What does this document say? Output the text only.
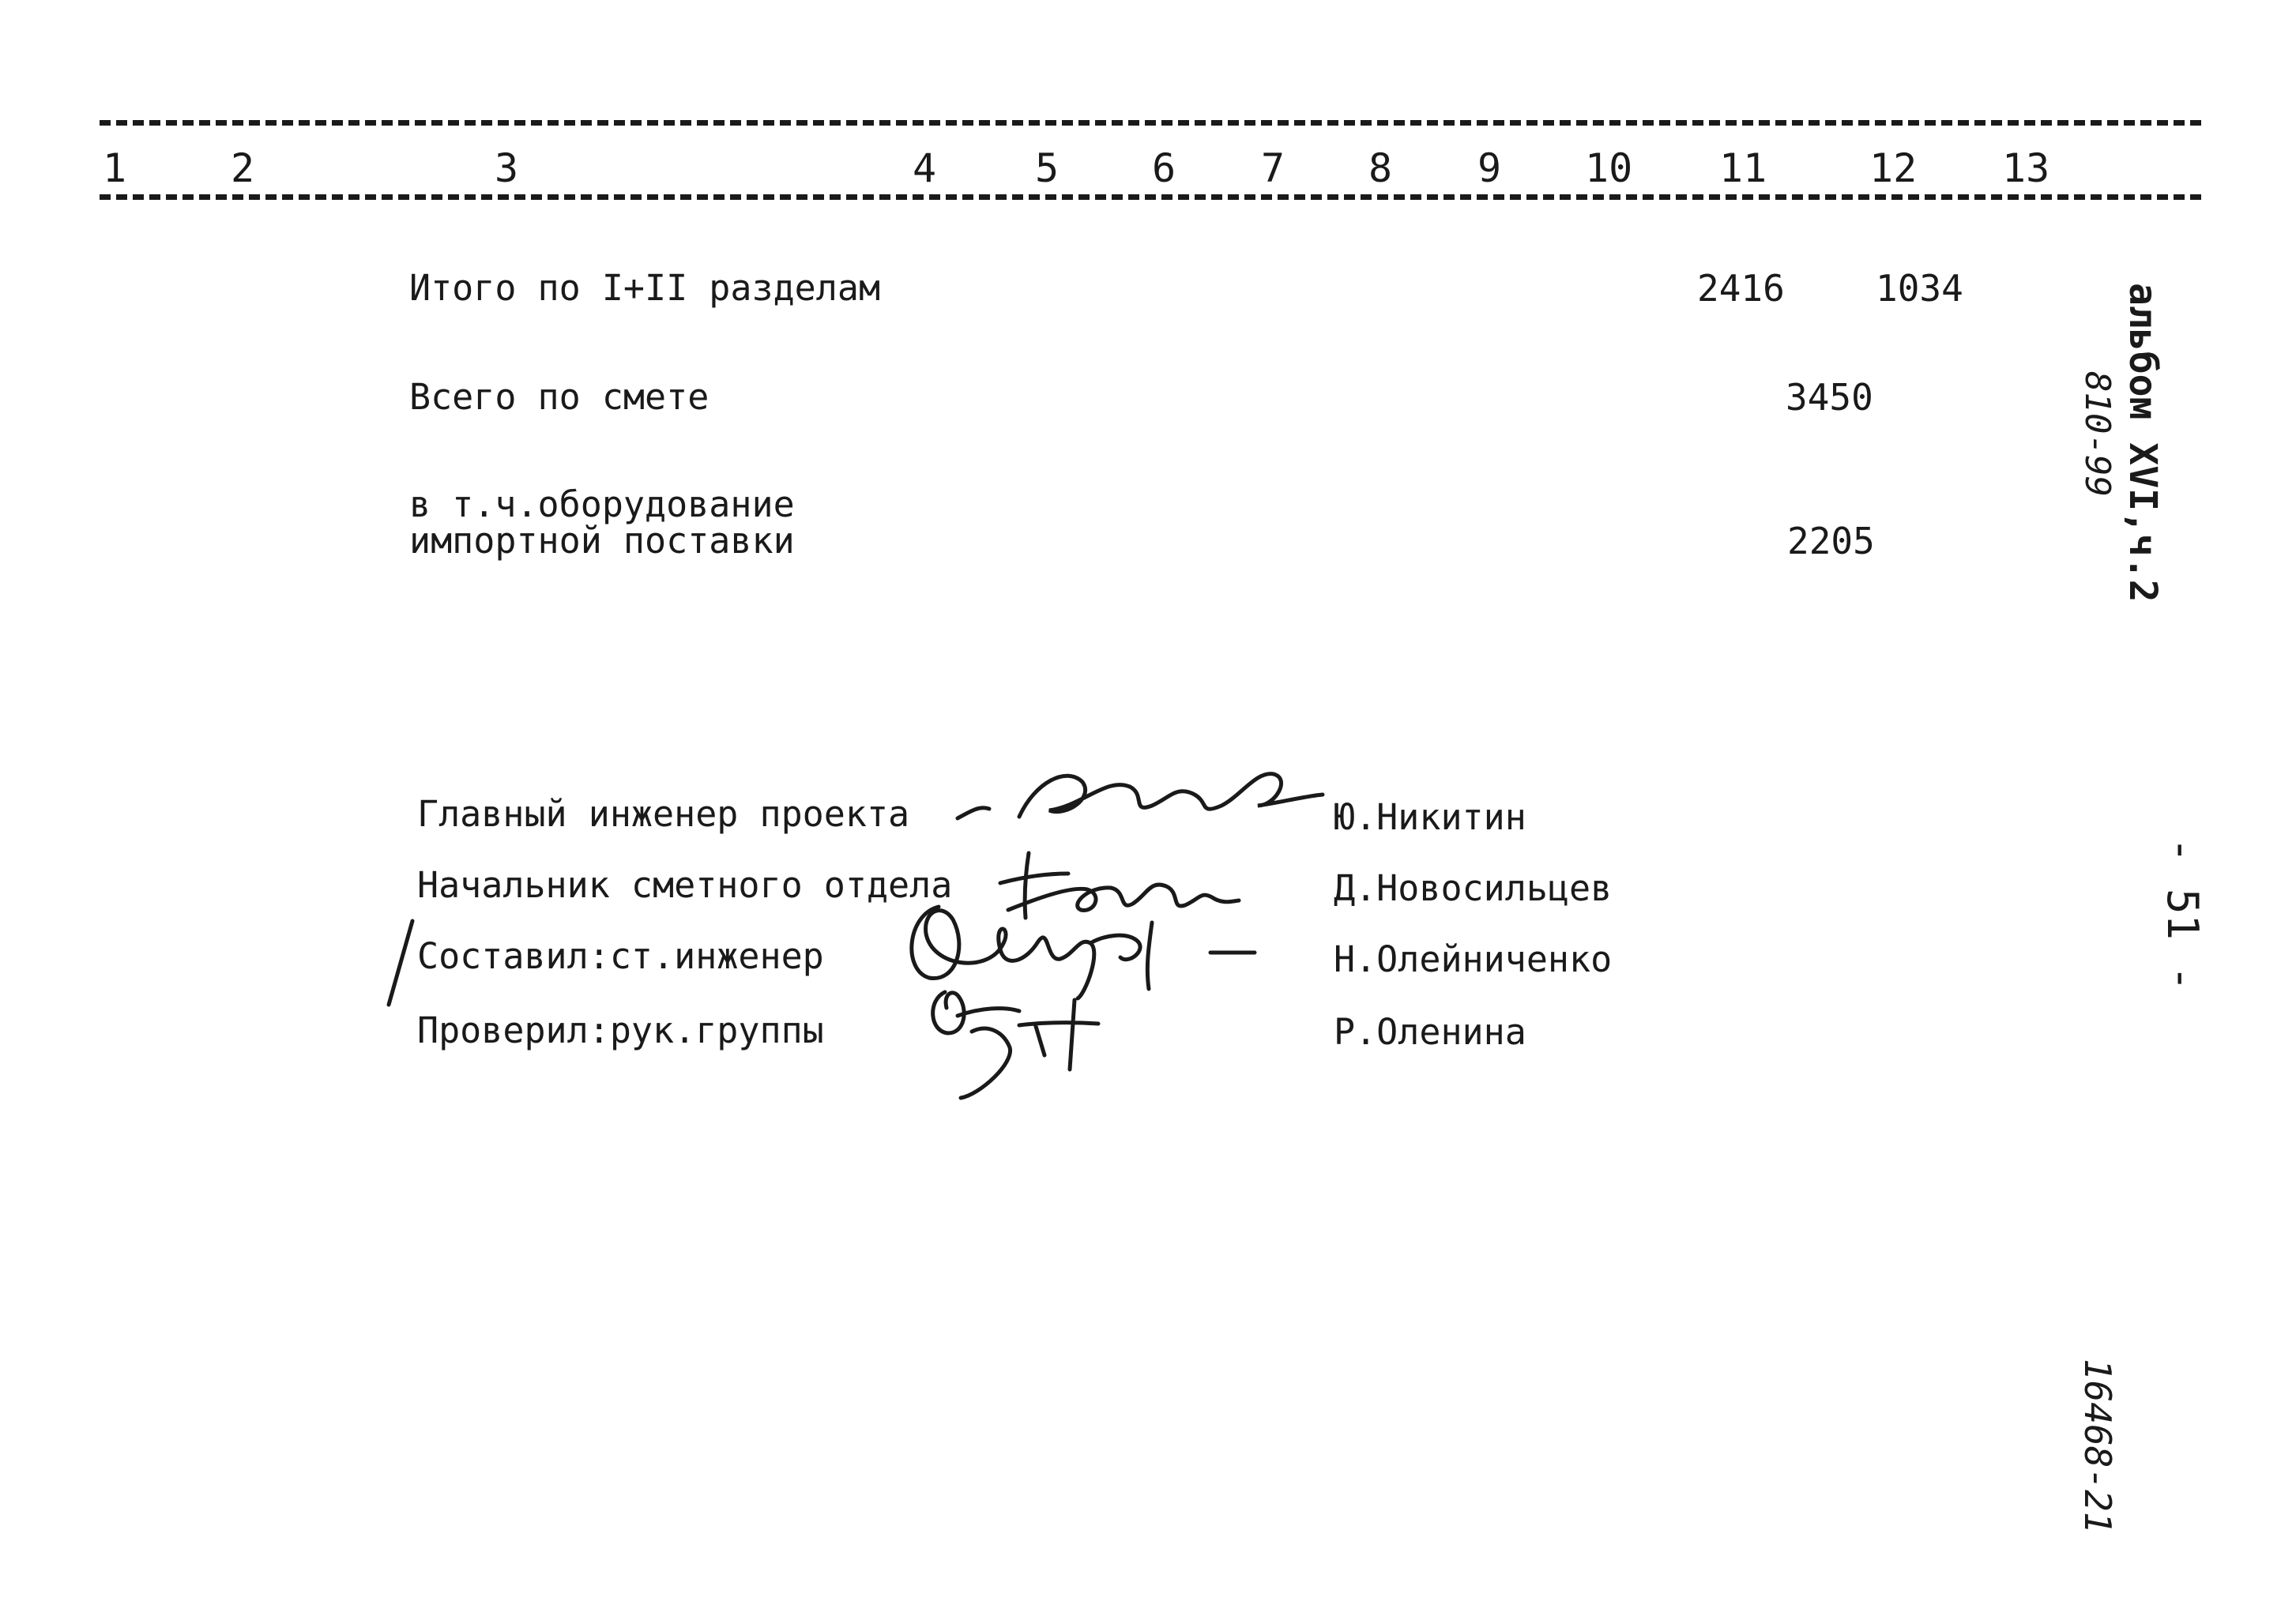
1	2	3	4 5 6 7 8 9 10 11	12 13
Итого по I+II разделам	2416	1034
Всего по смете	3450
в т.ч.оборудование
импортной поставки	2205
Главный инженер проекта	Ю.Никитин
Начальник сметного отдела	Д.Новосильцев
Составил:ст.инженер	Н.Олейниченко
Проверил:рук.группы	Р.Оленина
альбом XVI,ч.2
810-99
- 51 -
16468-21
